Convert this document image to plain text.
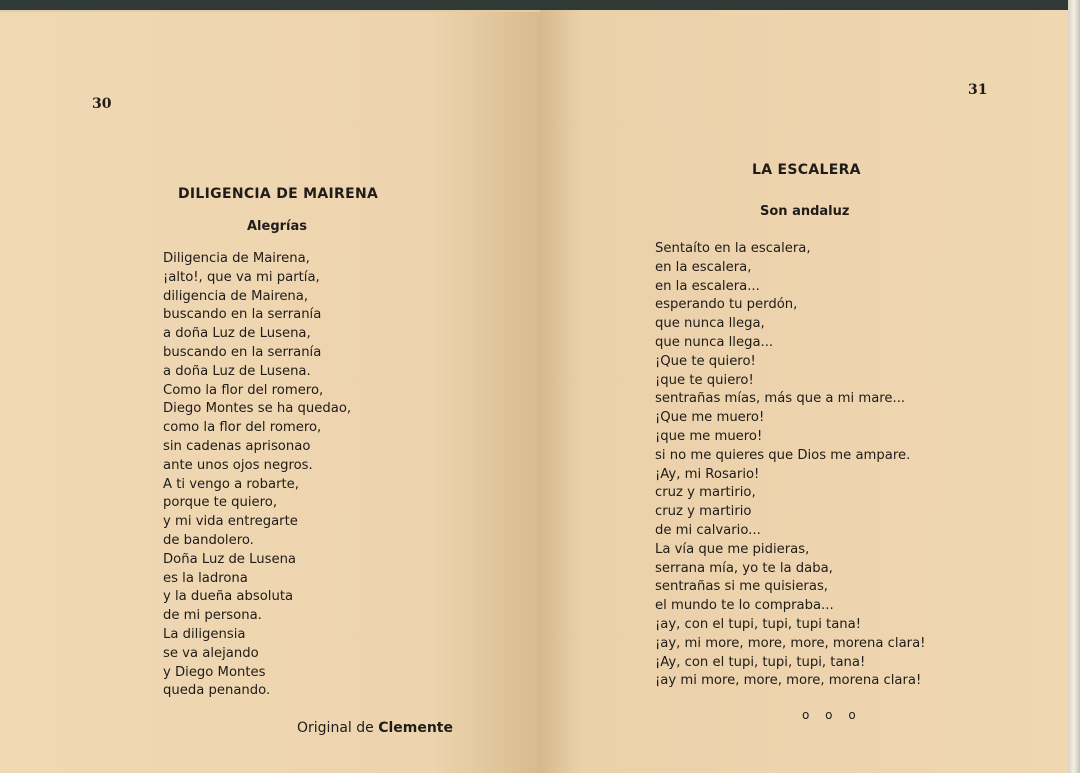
30
DILIGENCIA DE MAIRENA
Alegrías
Diligencia de Mairena,
¡alto!, que va mi partía,
diligencia de Mairena,
buscando en la serranía
a doña Luz de Lusena,
buscando en la serranía
a doña Luz de Lusena.
Como la flor del romero,
Diego Montes se ha quedao,
como la flor del romero,
sin cadenas aprisonao
ante unos ojos negros.
A ti vengo a robarte,
porque te quiero,
y mi vida entregarte
de bandolero.
Doña Luz de Lusena
es la ladrona
y la dueña absoluta
de mi persona.
La diligensia
se va alejando
y Diego Montes
queda penando.
Original de Clemente
31
LA ESCALERA
Son andaluz
Sentaíto en la escalera,
en la escalera,
en la escalera...
esperando tu perdón,
que nunca llega,
que nunca llega...
¡Que te quiero!
¡que te quiero!
sentrañas mías, más que a mi mare...
¡Que me muero!
¡que me muero!
si no me quieres que Dios me ampare.
¡Ay, mi Rosario!
cruz y martirio,
cruz y martirio
de mi calvario...
La vía que me pidieras,
serrana mía, yo te la daba,
sentrañas si me quisieras,
el mundo te lo compraba...
¡ay, con el tupi, tupi, tupi tana!
¡ay, mi more, more, more, morena clara!
¡Ay, con el tupi, tupi, tupi, tana!
¡ay mi more, more, more, morena clara!
o o o
